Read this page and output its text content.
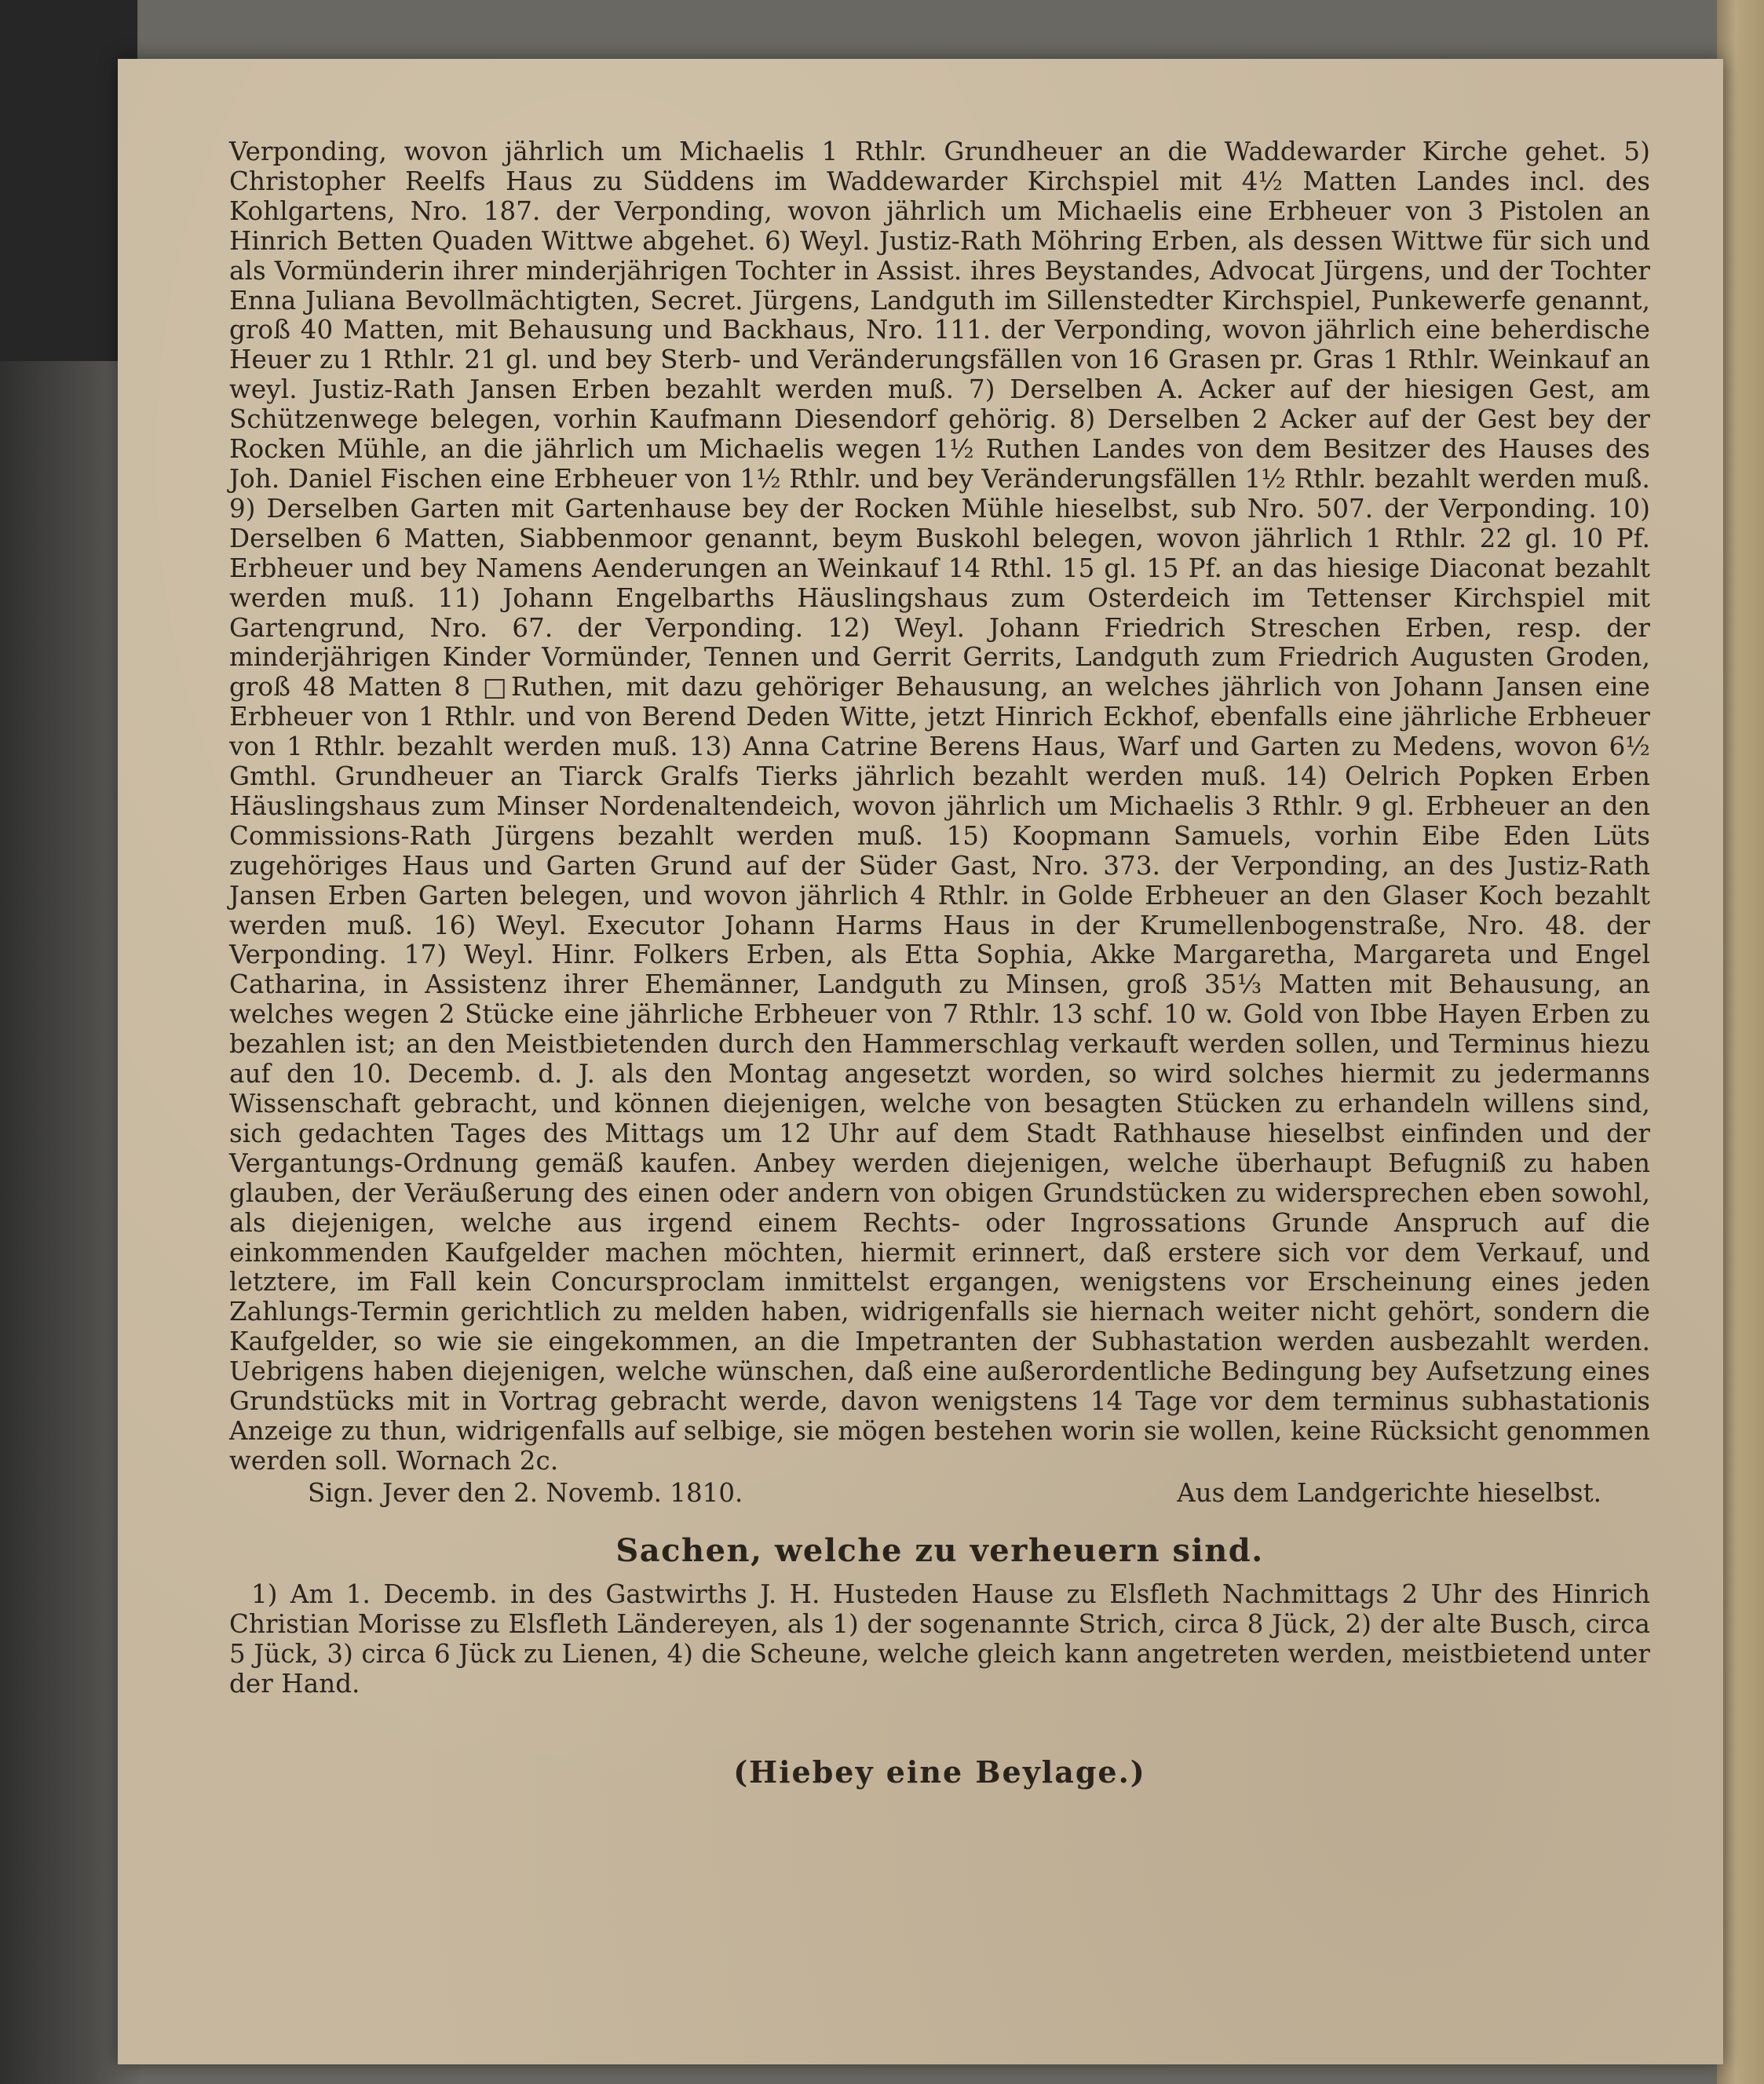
Verponding, wovon jährlich um Michaelis 1 Rthlr. Grundheuer an die Waddewarder Kirche gehet. 5) Christopher Reelfs Haus zu Süddens im Waddewarder Kirchspiel mit 4½ Matten Landes incl. des Kohlgartens, Nro. 187. der Verponding, wovon jährlich um Michaelis eine Erbheuer von 3 Pistolen an Hinrich Betten Quaden Wittwe abgehet. 6) Weyl. Justiz-Rath Möhring Erben, als dessen Wittwe für sich und als Vormünderin ihrer minderjährigen Tochter in Assist. ihres Beystandes, Advocat Jürgens, und der Tochter Enna Juliana Bevollmächtigten, Secret. Jürgens, Landguth im Sillenstedter Kirchspiel, Punkewerfe genannt, groß 40 Matten, mit Behausung und Backhaus, Nro. 111. der Verponding, wovon jährlich eine beherdische Heuer zu 1 Rthlr. 21 gl. und bey Sterb- und Veränderungsfällen von 16 Grasen pr. Gras 1 Rthlr. Weinkauf an weyl. Justiz-Rath Jansen Erben bezahlt werden muß. 7) Derselben A. Acker auf der hiesigen Gest, am Schützenwege belegen, vorhin Kaufmann Diesendorf gehörig. 8) Derselben 2 Acker auf der Gest bey der Rocken Mühle, an die jährlich um Michaelis wegen 1½ Ruthen Landes von dem Besitzer des Hauses des Joh. Daniel Fischen eine Erbheuer von 1½ Rthlr. und bey Veränderungsfällen 1½ Rthlr. bezahlt werden muß. 9) Derselben Garten mit Gartenhause bey der Rocken Mühle hieselbst, sub Nro. 507. der Verponding. 10) Derselben 6 Matten, Siabbenmoor genannt, beym Buskohl belegen, wovon jährlich 1 Rthlr. 22 gl. 10 Pf. Erbheuer und bey Namens Aenderungen an Weinkauf 14 Rthl. 15 gl. 15 Pf. an das hiesige Diaconat bezahlt werden muß. 11) Johann Engelbarths Häuslingshaus zum Osterdeich im Tettenser Kirchspiel mit Gartengrund, Nro. 67. der Verponding. 12) Weyl. Johann Friedrich Streschen Erben, resp. der minderjährigen Kinder Vormünder, Tennen und Gerrit Gerrits, Landguth zum Friedrich Augusten Groden, groß 48 Matten 8 □Ruthen, mit dazu gehöriger Behausung, an welches jährlich von Johann Jansen eine Erbheuer von 1 Rthlr. und von Berend Deden Witte, jetzt Hinrich Eckhof, ebenfalls eine jährliche Erbheuer von 1 Rthlr. bezahlt werden muß. 13) Anna Catrine Berens Haus, Warf und Garten zu Medens, wovon 6½ Gmthl. Grundheuer an Tiarck Gralfs Tierks jährlich bezahlt werden muß. 14) Oelrich Popken Erben Häuslingshaus zum Minser Nordenaltendeich, wovon jährlich um Michaelis 3 Rthlr. 9 gl. Erbheuer an den Commissions-Rath Jürgens bezahlt werden muß. 15) Koopmann Samuels, vorhin Eibe Eden Lüts zugehöriges Haus und Garten Grund auf der Süder Gast, Nro. 373. der Verponding, an des Justiz-Rath Jansen Erben Garten belegen, und wovon jährlich 4 Rthlr. in Golde Erbheuer an den Glaser Koch bezahlt werden muß. 16) Weyl. Executor Johann Harms Haus in der Krumellenbogenstraße, Nro. 48. der Verponding. 17) Weyl. Hinr. Folkers Erben, als Etta Sophia, Akke Margaretha, Margareta und Engel Catharina, in Assistenz ihrer Ehemänner, Landguth zu Minsen, groß 35⅓ Matten mit Behausung, an welches wegen 2 Stücke eine jährliche Erbheuer von 7 Rthlr. 13 schf. 10 w. Gold von Ibbe Hayen Erben zu bezahlen ist; an den Meistbietenden durch den Hammerschlag verkauft werden sollen, und Terminus hiezu auf den 10. Decemb. d. J. als den Montag angesetzt worden, so wird solches hiermit zu jedermanns Wissenschaft gebracht, und können diejenigen, welche von besagten Stücken zu erhandeln willens sind, sich gedachten Tages des Mittags um 12 Uhr auf dem Stadt Rathhause hieselbst einfinden und der Vergantungs-Ordnung gemäß kaufen. Anbey werden diejenigen, welche überhaupt Befugniß zu haben glauben, der Veräußerung des einen oder andern von obigen Grundstücken zu widersprechen eben sowohl, als diejenigen, welche aus irgend einem Rechts- oder Ingrossations Grunde Anspruch auf die einkommenden Kaufgelder machen möchten, hiermit erinnert, daß erstere sich vor dem Verkauf, und letztere, im Fall kein Concursproclam inmittelst ergangen, wenigstens vor Erscheinung eines jeden Zahlungs-Termin gerichtlich zu melden haben, widrigenfalls sie hiernach weiter nicht gehört, sondern die Kaufgelder, so wie sie eingekommen, an die Impetranten der Subhastation werden ausbezahlt werden. Uebrigens haben diejenigen, welche wünschen, daß eine außerordentliche Bedingung bey Aufsetzung eines Grundstücks mit in Vortrag gebracht werde, davon wenigstens 14 Tage vor dem terminus subhastationis Anzeige zu thun, widrigenfalls auf selbige, sie mögen bestehen worin sie wollen, keine Rücksicht genommen werden soll. Wornach 2c.

Sign. Jever den 2. Novemb. 1810.	Aus dem Landgerichte hieselbst.
Sachen, welche zu verheuern sind.

1) Am 1. Decemb. in des Gastwirths J. H. Husteden Hause zu Elsfleth Nachmittags 2 Uhr des Hinrich Christian Morisse zu Elsfleth Ländereyen, als 1) der sogenannte Strich, circa 8 Jück, 2) der alte Busch, circa 5 Jück, 3) circa 6 Jück zu Lienen, 4) die Scheune, welche gleich kann angetreten werden, meistbietend unter der Hand.

(Hiebey eine Beylage.)
